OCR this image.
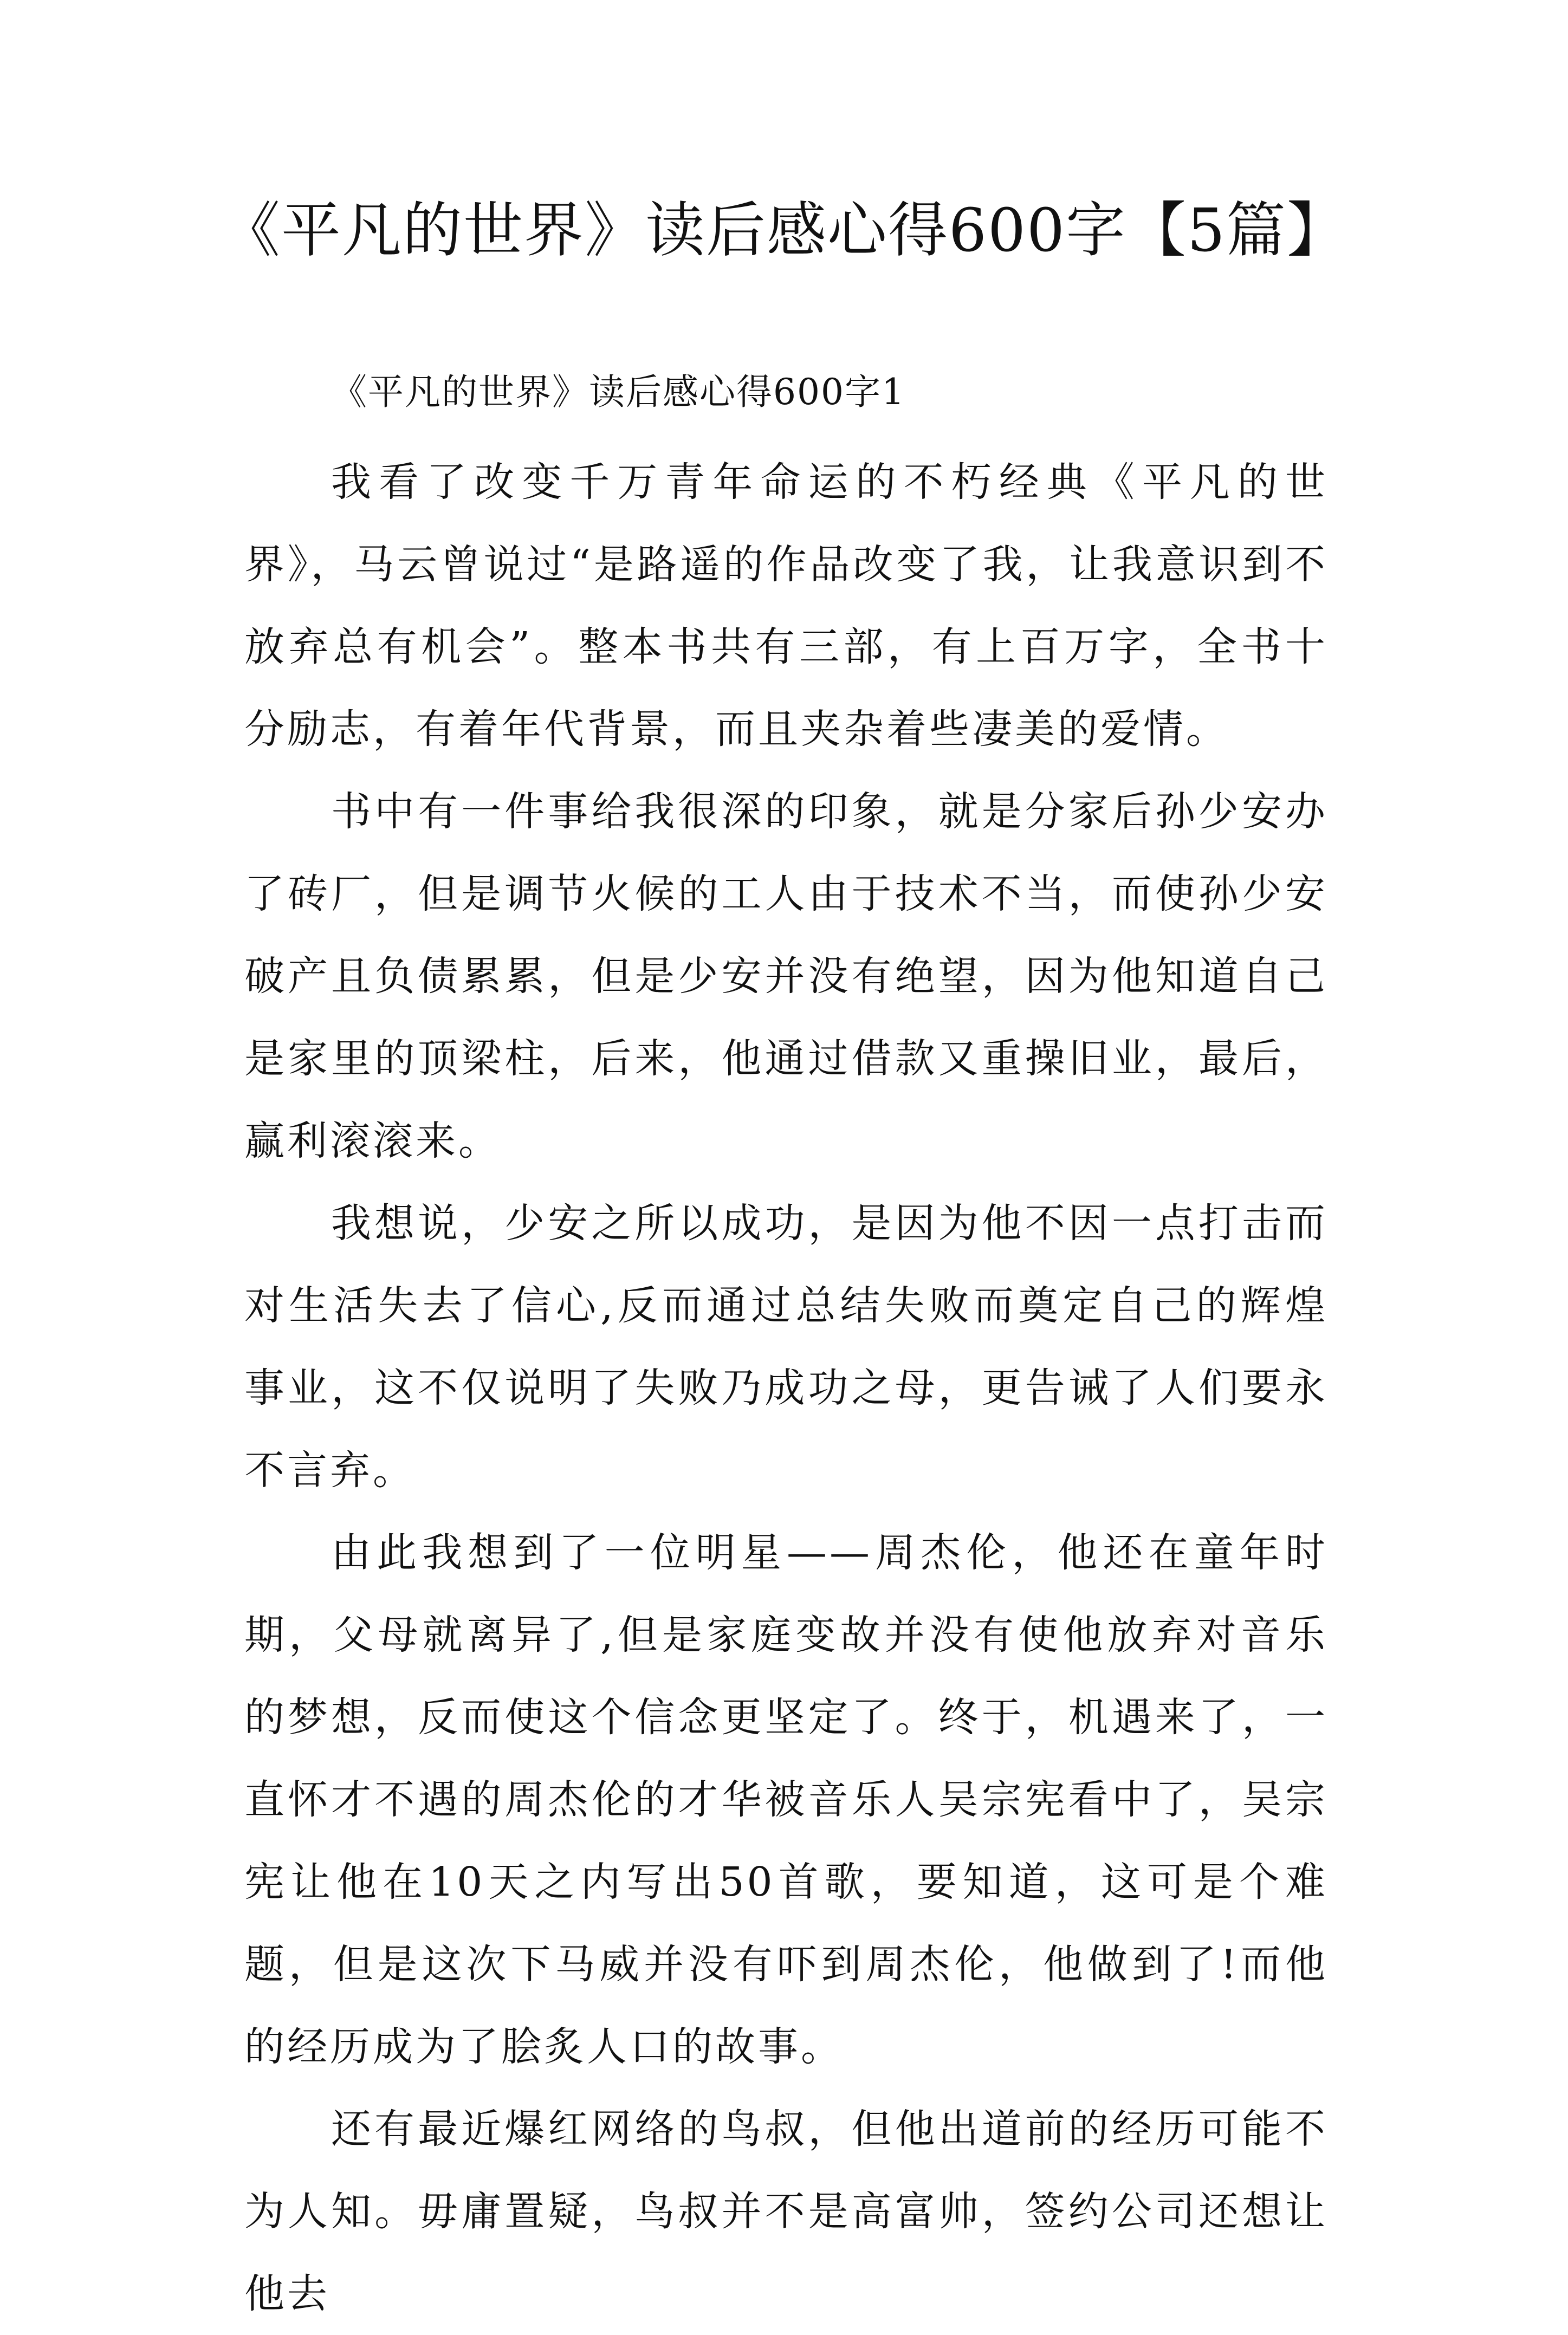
《平凡的世界》读后感心得600字【5篇】

《平凡的世界》读后感心得600字1

我看了改变千万青年命运的不朽经典《平凡的世界》，马云曾说过“是路遥的作品改变了我，让我意识到不放弃总有机会”。整本书共有三部，有上百万字，全书十分励志，有着年代背景，而且夹杂着些凄美的爱情。

书中有一件事给我很深的印象，就是分家后孙少安办了砖厂，但是调节火候的工人由于技术不当，而使孙少安破产且负债累累，但是少安并没有绝望，因为他知道自己是家里的顶梁柱，后来，他通过借款又重操旧业，最后，赢利滚滚来。

我想说，少安之所以成功，是因为他不因一点打击而对生活失去了信心,反而通过总结失败而奠定自己的辉煌事业，这不仅说明了失败乃成功之母，更告诫了人们要永不言弃。

由此我想到了一位明星——周杰伦，他还在童年时期，父母就离异了,但是家庭变故并没有使他放弃对音乐的梦想，反而使这个信念更坚定了。终于，机遇来了，一直怀才不遇的周杰伦的才华被音乐人吴宗宪看中了，吴宗宪让他在10天之内写出50首歌，要知道，这可是个难题，但是这次下马威并没有吓到周杰伦，他做到了!而他的经历成为了脍炙人口的故事。

还有最近爆红网络的鸟叔，但他出道前的经历可能不为人知。毋庸置疑，鸟叔并不是高富帅，签约公司还想让他去
